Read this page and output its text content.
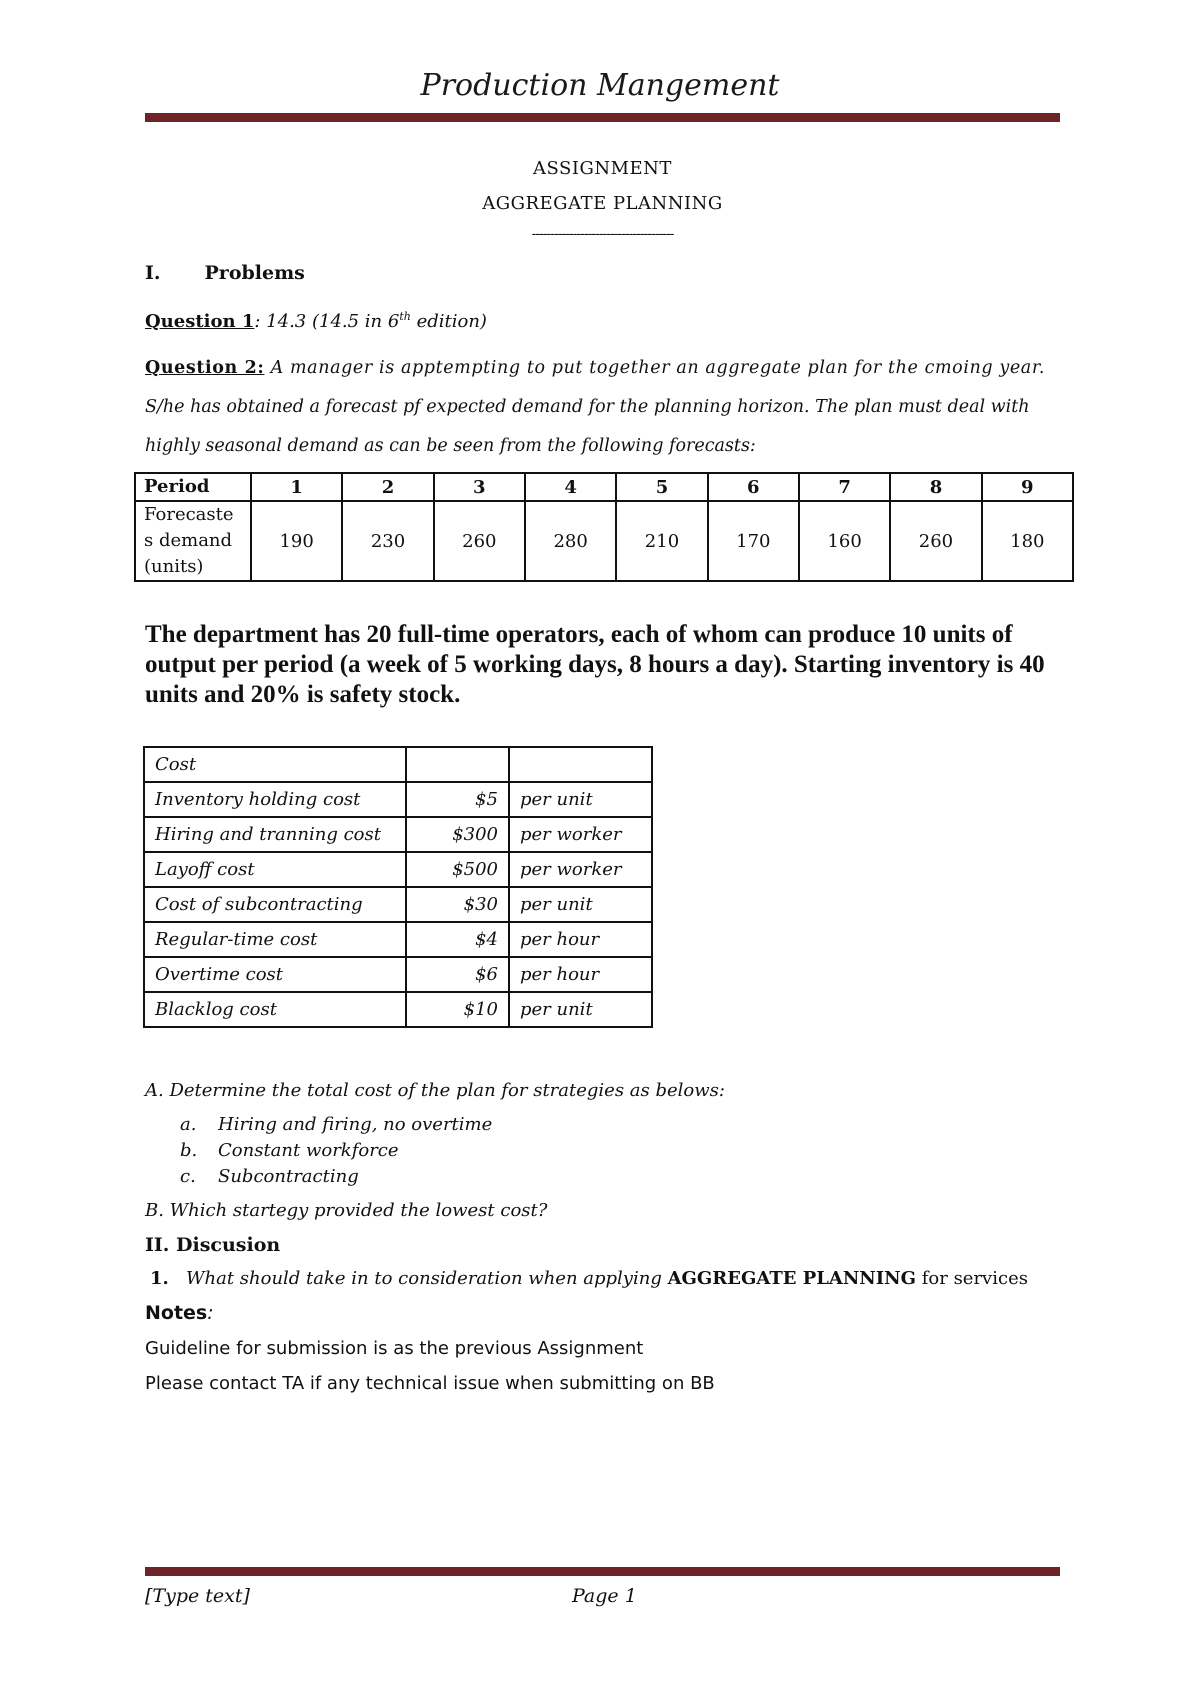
Production Mangement
ASSIGNMENT
AGGREGATE PLANNING
--------------------------------------
I. Problems
Question 1: 14.3 (14.5 in 6th edition)
Question 2: A manager is apptempting to put together an aggregate plan for the cmoing year.
S/he has obtained a forecast pf expected demand for the planning horizon. The plan must deal with
highly seasonal demand as can be seen from the following forecasts:
Period	1	2	3	4	5	6	7	8	9

Forecaste
s demand
(units)	190	230	260	280	210	170	160	260	180
The department has 20 full-time operators, each of whom can produce 10 units of output per period (a week of 5 working days, 8 hours a day). Starting inventory is 40 units and 20% is safety stock.
Cost		
Inventory holding cost	$5	per unit
Hiring and tranning cost	$300	per worker
Layoff cost	$500	per worker
Cost of subcontracting	$30	per unit
Regular-time cost	$4	per hour
Overtime cost	$6	per hour
Blacklog cost	$10	per unit
A. Determine the total cost of the plan for strategies as belows:
a. Hiring and firing, no overtime
b. Constant workforce
c. Subcontracting
B. Which startegy provided the lowest cost?
II. Discusion
1. What should take in to consideration when applying AGGREGATE PLANNING for services
Notes:
Guideline for submission is as the previous Assignment
Please contact TA if any technical issue when submitting on BB
[Type text]	Page 1
